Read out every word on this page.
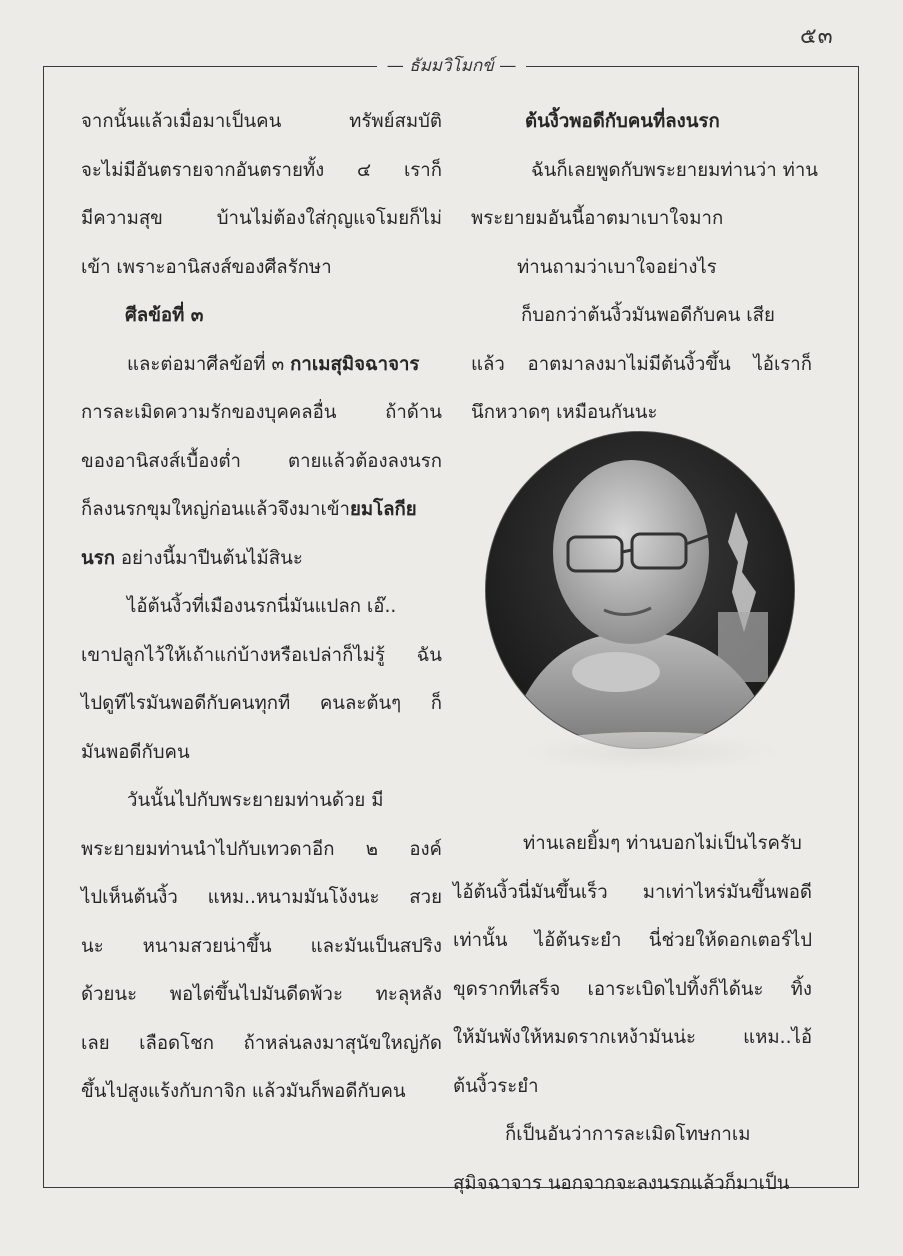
๕๓
— ธัมมวิโมกข์ —
จากนั้นแล้วเมื่อมาเป็นคน ทรัพย์สมบัติ
จะไม่มีอันตรายจากอันตรายทั้ง ๔ เราก็
มีความสุข บ้านไม่ต้องใส่กุญแจโมยก็ไม่
เข้า เพราะอานิสงส์ของศีลรักษา
ศีลข้อที่ ๓
และต่อมาศีลข้อที่ ๓ กาเมสุมิจฉาจาร
การละเมิดความรักของบุคคลอื่น ถ้าด้าน
ของอานิสงส์เบื้องต่ำ ตายแล้วต้องลงนรก
ก็ลงนรกขุมใหญ่ก่อนแล้วจึงมาเข้ายมโลกีย
นรก อย่างนี้มาปีนต้นไม้สินะ
ไอ้ต้นงิ้วที่เมืองนรกนี่มันแปลก เอ๊..
เขาปลูกไว้ให้เถ้าแก่บ้างหรือเปล่าก็ไม่รู้ ฉัน
ไปดูทีไรมันพอดีกับคนทุกที คนละต้นๆ ก็
มันพอดีกับคน
วันนั้นไปกับพระยายมท่านด้วย มี
พระยายมท่านนำไปกับเทวดาอีก ๒ องค์
ไปเห็นต้นงิ้ว แหม..หนามมันโง้งนะ สวย
นะ หนามสวยน่าขึ้น และมันเป็นสปริง
ด้วยนะ พอไต่ขึ้นไปมันดีดพ้วะ ทะลุหลัง
เลย เลือดโชก ถ้าหล่นลงมาสุนัขใหญ่กัด
ขึ้นไปสูงแร้งกับกาจิก แล้วมันก็พอดีกับคน
ต้นงิ้วพอดีกับคนที่ลงนรก
ฉันก็เลยพูดกับพระยายมท่านว่า ท่าน
พระยายมอันนี้อาตมาเบาใจมาก
ท่านถามว่าเบาใจอย่างไร
ก็บอกว่าต้นงิ้วมันพอดีกับคน เสีย
แล้ว อาตมาลงมาไม่มีต้นงิ้วขึ้น ไอ้เราก็
นึกหวาดๆ เหมือนกันนะ
ท่านเลยยิ้มๆ ท่านบอกไม่เป็นไรครับ
ไอ้ต้นงิ้วนี่มันขึ้นเร็ว มาเท่าไหร่มันขึ้นพอดี
เท่านั้น ไอ้ต้นระยำ นี่ช่วยให้ดอกเตอร์ไป
ขุดรากทีเสร็จ เอาระเบิดไปทิ้งก็ได้นะ ทิ้ง
ให้มันพังให้หมดรากเหง้ามันน่ะ แหม..ไอ้
ต้นงิ้วระยำ
ก็เป็นอันว่าการละเมิดโทษกาเม
สุมิจฉาจาร นอกจากจะลงนรกแล้วก็มาเป็น
